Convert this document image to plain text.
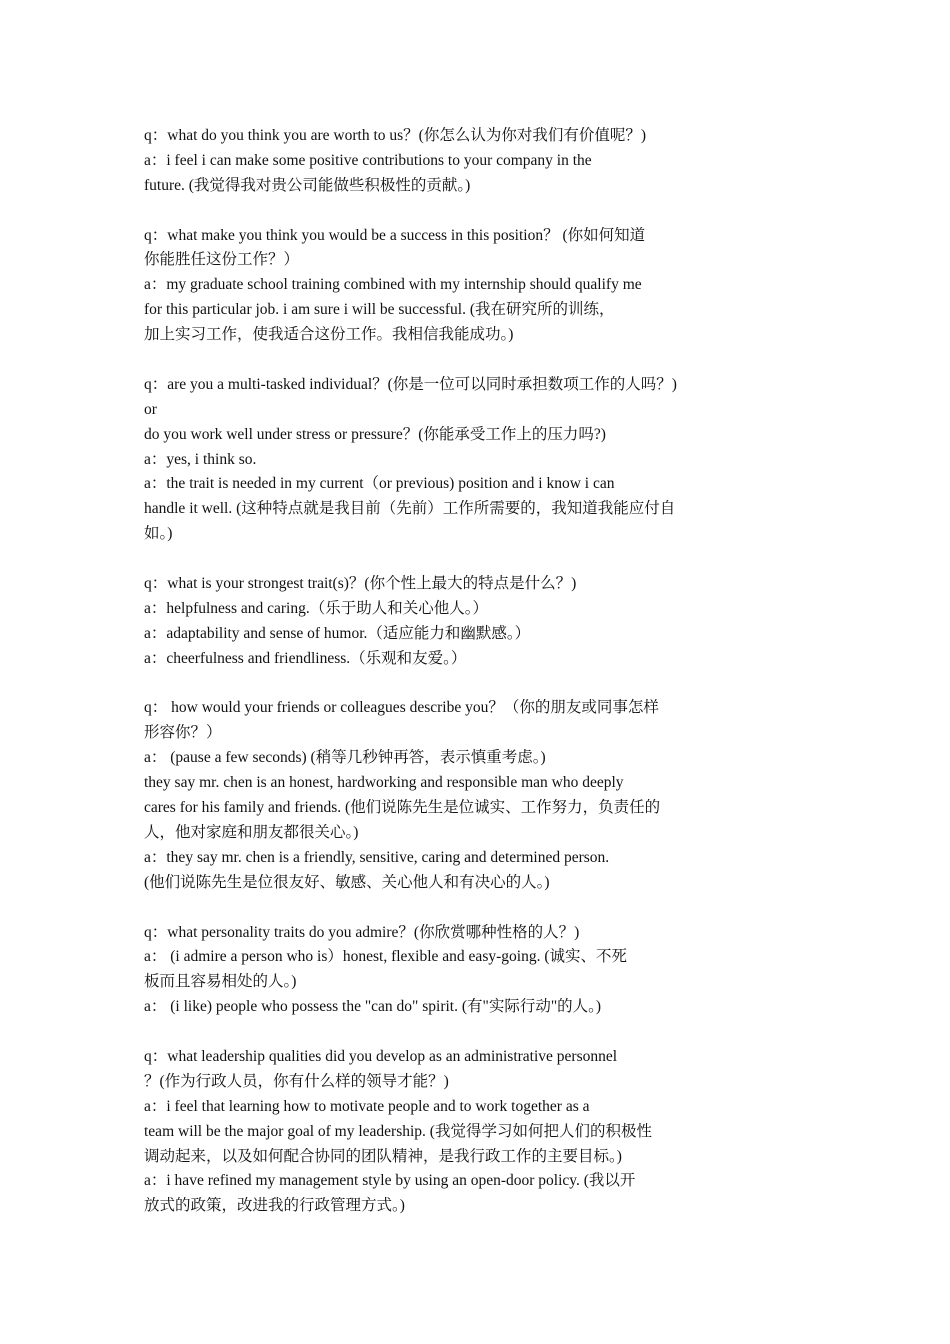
q：what do you think you are worth to us？(你怎么认为你对我们有价值呢？)
a：i feel i can make some positive contributions to your company in the
future. (我觉得我对贵公司能做些积极性的贡献。)
q：what make you think you would be a success in this position？ (你如何知道
你能胜任这份工作？）
a：my graduate school training combined with my internship should qualify me
for this particular job. i am sure i will be successful. (我在研究所的训练，
加上实习工作，使我适合这份工作。我相信我能成功。)
q：are you a multi-tasked individual？(你是一位可以同时承担数项工作的人吗？)
or
do you work well under stress or pressure？(你能承受工作上的压力吗?)
a：yes, i think so.
a：the trait is needed in my current（or previous) position and i know i can
handle it well. (这种特点就是我目前（先前）工作所需要的，我知道我能应付自
如。)
q：what is your strongest trait(s)？(你个性上最大的特点是什么？)
a：helpfulness and caring.（乐于助人和关心他人。）
a：adaptability and sense of humor.（适应能力和幽默感。）
a：cheerfulness and friendliness.（乐观和友爱。）
q： how would your friends or colleagues describe you？（你的朋友或同事怎样
形容你？）
a： (pause a few seconds) (稍等几秒钟再答，表示慎重考虑。)
they say mr. chen is an honest, hardworking and responsible man who deeply
cares for his family and friends. (他们说陈先生是位诚实、工作努力，负责任的
人，他对家庭和朋友都很关心。)
a：they say mr. chen is a friendly, sensitive, caring and determined person.
(他们说陈先生是位很友好、敏感、关心他人和有决心的人。)
q：what personality traits do you admire？(你欣赏哪种性格的人？)
a： (i admire a person who is）honest, flexible and easy-going. (诚实、不死
板而且容易相处的人。)
a： (i like) people who possess the "can do" spirit. (有"实际行动"的人。)
q：what leadership qualities did you develop as an administrative personnel
？(作为行政人员，你有什么样的领导才能？)
a：i feel that learning how to motivate people and to work together as a
team will be the major goal of my leadership. (我觉得学习如何把人们的积极性
调动起来，以及如何配合协同的团队精神，是我行政工作的主要目标。)
a：i have refined my management style by using an open-door policy. (我以开
放式的政策，改进我的行政管理方式。)
